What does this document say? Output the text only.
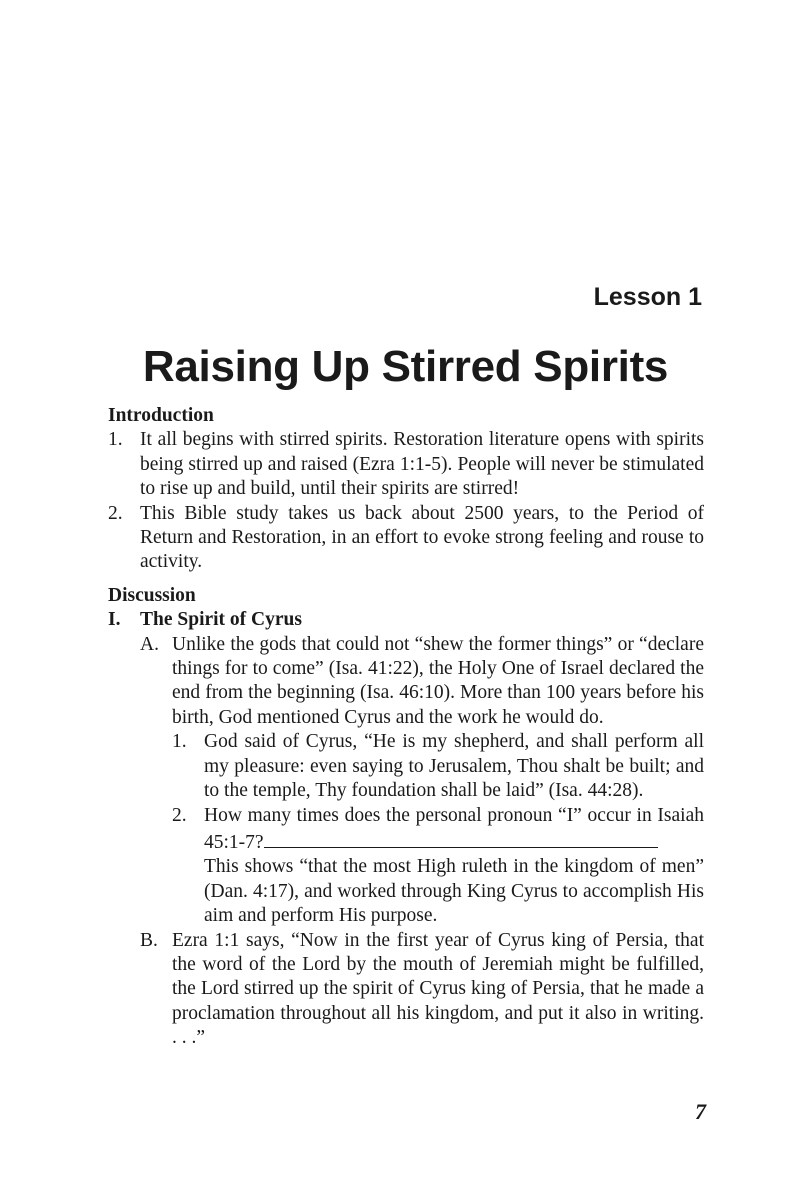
Lesson 1
Raising Up Stirred Spirits
Introduction
1. It all begins with stirred spirits. Restoration literature opens with spirits being stirred up and raised (Ezra 1:1-5). People will never be stimulated to rise up and build, until their spirits are stirred!
2. This Bible study takes us back about 2500 years, to the Period of Return and Restoration, in an effort to evoke strong feeling and rouse to activity.
Discussion
I. The Spirit of Cyrus
A. Unlike the gods that could not “shew the former things” or “declare things for to come” (Isa. 41:22), the Holy One of Israel declared the end from the beginning (Isa. 46:10). More than 100 years before his birth, God mentioned Cyrus and the work he would do.
1. God said of Cyrus, “He is my shepherd, and shall perform all my pleasure: even saying to Jerusalem, Thou shalt be built; and to the temple, Thy foundation shall be laid” (Isa. 44:28).
2. How many times does the personal pronoun “I” occur in Isaiah 45:1-7?
This shows “that the most High ruleth in the kingdom of men” (Dan. 4:17), and worked through King Cyrus to accomplish His aim and perform His purpose.
B. Ezra 1:1 says, “Now in the first year of Cyrus king of Persia, that the word of the Lord by the mouth of Jeremiah might be fulfilled, the Lord stirred up the spirit of Cyrus king of Persia, that he made a proclamation throughout all his kingdom, and put it also in writing. . . .”
7
